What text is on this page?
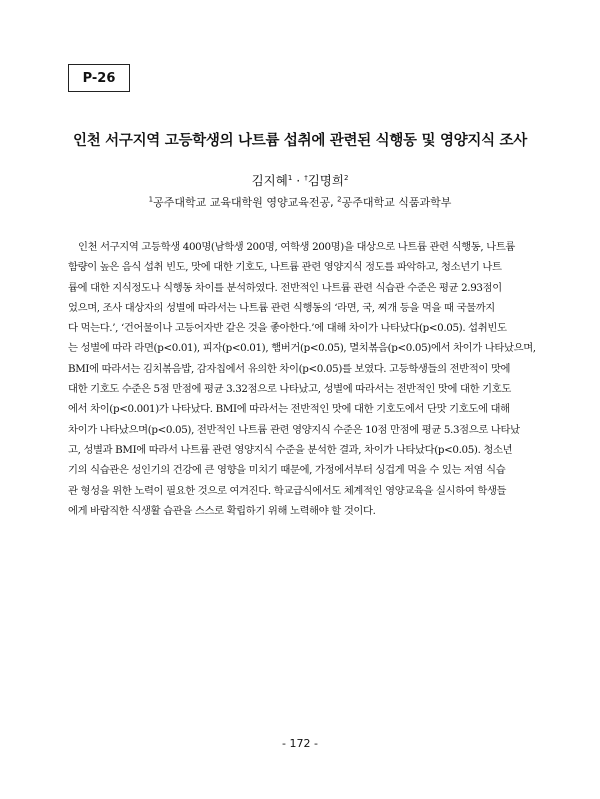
P-26
인천 서구지역 고등학생의 나트륨 섭취에 관련된 식행동 및 영양지식 조사
김지혜$^1$ · †김명희$^2$
$^1$공주대학교 교육대학원 영양교육전공, $^2$공주대학교 식품과학부

인천 서구지역 고등학생 400명(남학생 200명, 여학생 200명)을 대상으로 나트륨 관련 식행동, 나트륨
함량이 높은 음식 섭취 빈도, 맛에 대한 기호도, 나트륨 관련 영양지식 정도를 파악하고, 청소년기 나트
륨에 대한 지식정도나 식행동 차이를 분석하였다. 전반적인 나트륨 관련 식습관 수준은 평균 2.93점이
었으며, 조사 대상자의 성별에 따라서는 나트륨 관련 식행동의 ‘라면, 국, 찌개 등을 먹을 때 국물까지
다 먹는다.’, ‘건어물이나 고등어자반 같은 것을 좋아한다.’에 대해 차이가 나타났다(p<0.05). 섭취빈도
는 성별에 따라 라면(p<0.01), 피자(p<0.01), 햄버거(p<0.05), 멸치볶음(p<0.05)에서 차이가 나타났으며,
BMI에 따라서는 김치볶음밥, 감자칩에서 유의한 차이(p<0.05)를 보였다. 고등학생들의 전반적이 맛에
대한 기호도 수준은 5점 만점에 평균 3.32점으로 나타났고, 성별에 따라서는 전반적인 맛에 대한 기호도
에서 차이(p<0.001)가 나타났다. BMI에 따라서는 전반적인 맛에 대한 기호도에서 단맛 기호도에 대해
차이가 나타났으며(p<0.05), 전반적인 나트륨 관련 영양지식 수준은 10점 만점에 평균 5.3점으로 나타났
고, 성별과 BMI에 따라서 나트륨 관련 영양지식 수준을 분석한 결과, 차이가 나타났다(p<0.05). 청소년
기의 식습관은 성인기의 건강에 큰 영향을 미치기 때문에, 가정에서부터 싱겁게 먹을 수 있는 저염 식습
관 형성을 위한 노력이 필요한 것으로 여겨진다. 학교급식에서도 체계적인 영양교육을 실시하여 학생들
에게 바람직한 식생활 습관을 스스로 확립하기 위해 노력해야 할 것이다.

- 172 -
